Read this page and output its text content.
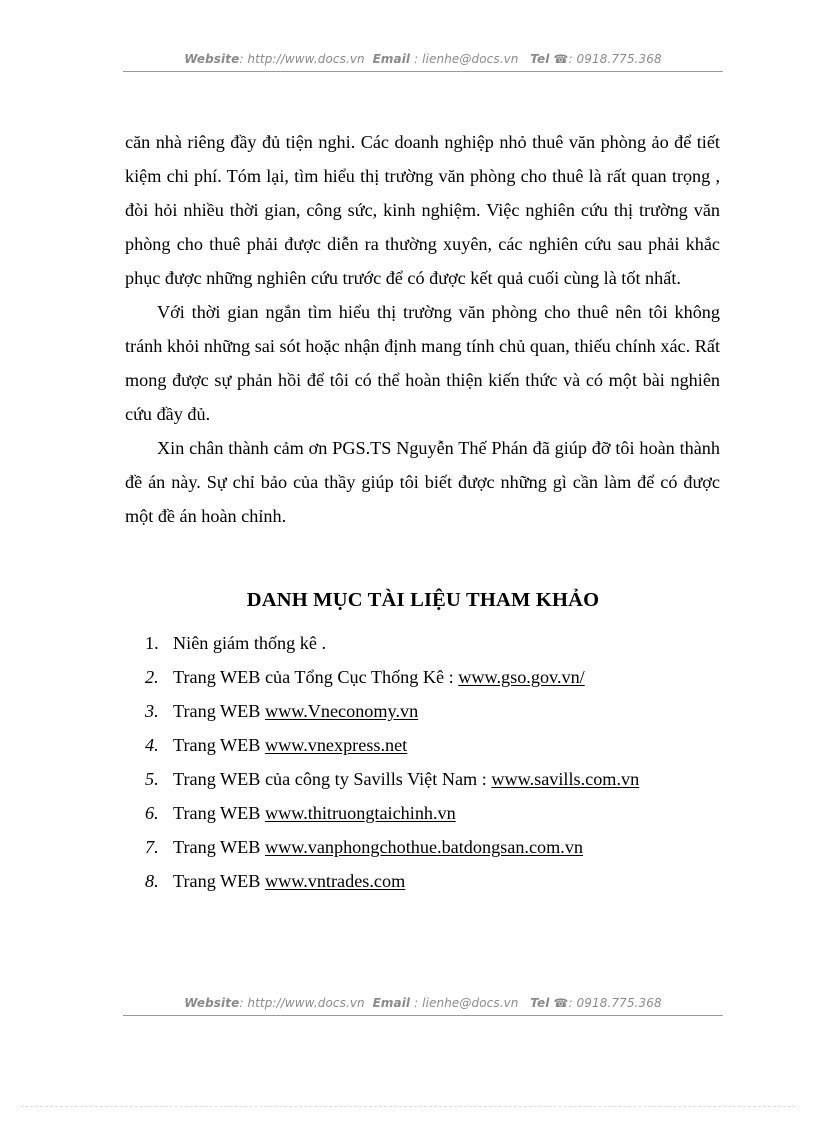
Website: http://www.docs.vn Email : lienhe@docs.vn Tel ☎: 0918.775.368

căn nhà riêng đầy đủ tiện nghi. Các doanh nghiệp nhỏ thuê văn phòng ảo để tiết kiệm chi phí. Tóm lại, tìm hiểu thị trường văn phòng cho thuê là rất quan trọng , đòi hỏi nhiều thời gian, công sức, kinh nghiệm. Việc nghiên cứu thị trường văn phòng cho thuê phải được diễn ra thường xuyên, các nghiên cứu sau phải khắc phục được những nghiên cứu trước để có được kết quả cuối cùng là tốt nhất.

Với thời gian ngắn tìm hiểu thị trường văn phòng cho thuê nên tôi không tránh khỏi những sai sót hoặc nhận định mang tính chủ quan, thiếu chính xác. Rất mong được sự phản hồi để tôi có thể hoàn thiện kiến thức và có một bài nghiên cứu đầy đủ.

Xin chân thành cảm ơn PGS.TS Nguyễn Thế Phán đã giúp đỡ tôi hoàn thành đề án này. Sự chỉ bảo của thầy giúp tôi biết được những gì cần làm để có được một đề án hoàn chỉnh.

DANH MỤC TÀI LIỆU THAM KHẢO
1. Niên giám thống kê .
2. Trang WEB của Tổng Cục Thống Kê : www.gso.gov.vn/
3. Trang WEB www.Vneconomy.vn
4. Trang WEB www.vnexpress.net
5. Trang WEB của công ty Savills Việt Nam : www.savills.com.vn
6. Trang WEB www.thitruongtaichinh.vn
7. Trang WEB www.vanphongchothue.batdongsan.com.vn
8. Trang WEB www.vntrades.com
Website: http://www.docs.vn Email : lienhe@docs.vn Tel ☎: 0918.775.368
